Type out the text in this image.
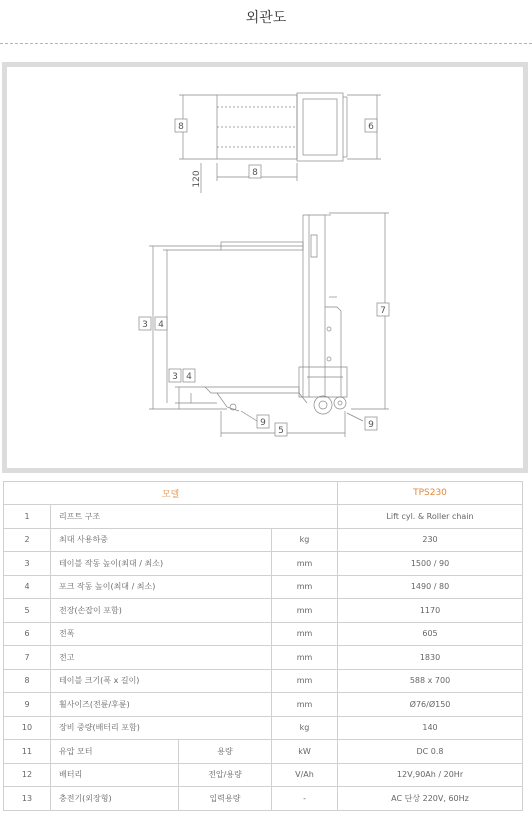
외관도
8	6
8
120
3 4
3 4
7
9
5
9
모델				TPS230
1	리프트 구조			Lift cyl. & Roller chain
2	최대 사용하중		kg	230
3	테이블 작동 높이(최대 / 최소)		mm	1500 / 90
4	포크 작동 높이(최대 / 최소)		mm	1490 / 80
5	전장(손잡이 포함)		mm	1170
6	전폭		mm	605
7	전고		mm	1830
8	테이블 크기(폭 x 길이)		mm	588 x 700
9	휠사이즈(전륜/후륜)		mm	Ø76/Ø150
10	장비 중량(배터리 포함)		kg	140
11	유압 모터	용량	kW	DC 0.8
12	배터리	전압/용량	V/Ah	12V,90Ah / 20Hr
13	충전기(외장형)	입력용량	-	AC 단상 220V, 60Hz
